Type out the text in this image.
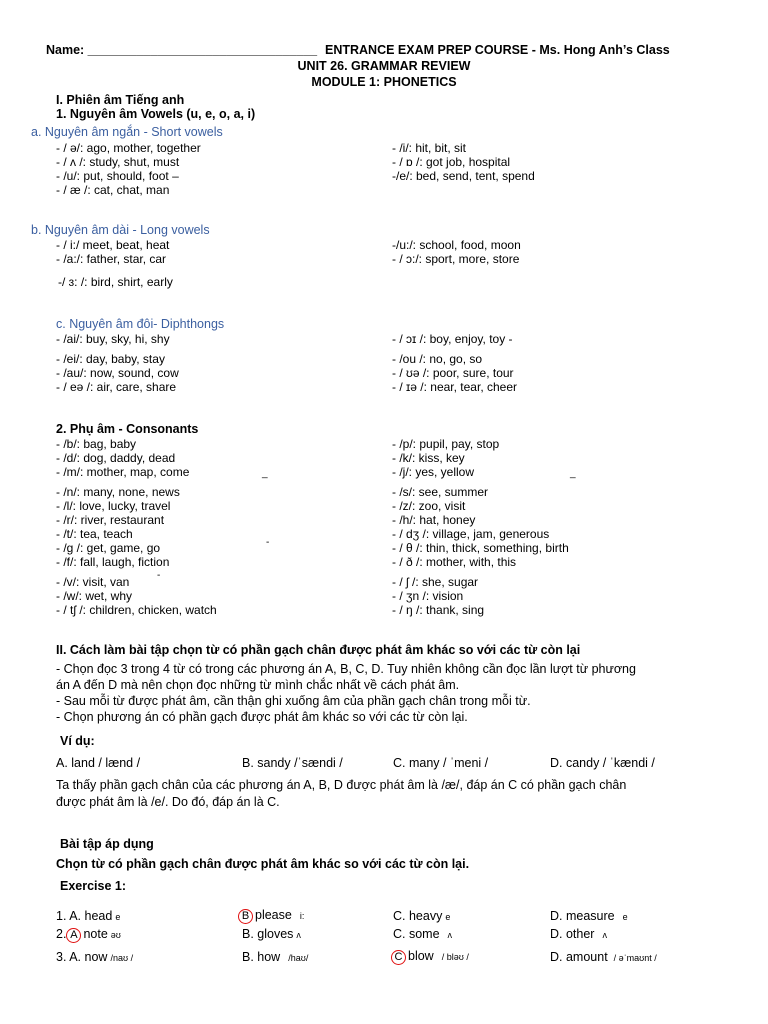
Name: _________________________________ ENTRANCE EXAM PREP COURSE - Ms. Hong Anh’s Class
UNIT 26. GRAMMAR REVIEW
MODULE 1: PHONETICS
I. Phiên âm Tiếng anh
1. Nguyên âm Vowels (u, e, o, a, i)
a. Nguyên âm ngắn - Short vowels
- / ə/: ago, mother, together
- / ʌ /: study, shut, must
- /u/: put, should, foot –
- / æ /: cat, chat, man
- /i/: hit, bit, sit
- / ɒ /: got job, hospital
-/e/: bed, send, tent, spend
b. Nguyên âm dài - Long vowels
- / i:/ meet, beat, heat
- /a:/: father, star, car
-/ ɜ: /: bird, shirt, early
-/u:/: school, food, moon
- / ɔ:/: sport, more, store
c. Nguyên âm đôi- Diphthongs
- /ai/: buy, sky, hi, shy	- / ɔɪ /: boy, enjoy, toy -
- /ei/: day, baby, stay
- /au/: now, sound, cow
- / eə /: air, care, share
- /ou /: no, go, so
- / ʊə /: poor, sure, tour
- / ɪə /: near, tear, cheer
2. Phụ âm - Consonants
- /b/: bag, baby
- /d/: dog, daddy, dead
- /m/: mother, map, come
- /n/: many, none, news
- /l/: love, lucky, travel
- /r/: river, restaurant
- /t/: tea, teach
- /g /: get, game, go
- /f/: fall, laugh, fiction
- /v/: visit, van
- /w/: wet, why
- / tʃ /: children, chicken, watch
- /p/: pupil, pay, stop
- /k/: kiss, key
- /j/: yes, yellow
- /s/: see, summer
- /z/: zoo, visit
- /h/: hat, honey
- / dʒ /: village, jam, generous
- / θ /: thin, thick, something, birth
- / ð /: mother, with, this
- / ʃ /: she, sugar
- / ʒn /: vision
- / ŋ /: thank, sing
_	_
-
-
II. Cách làm bài tập chọn từ có phần gạch chân được phát âm khác so với các từ còn lại
- Chọn đọc 3 trong 4 từ có trong các phương án A, B, C, D. Tuy nhiên không cần đọc lần lượt từ phương
án A đến D mà nên chọn đọc những từ mình chắc nhất về cách phát âm.
- Sau mỗi từ được phát âm, cần thận ghi xuống âm của phần gạch chân trong mỗi từ.
- Chọn phương án có phần gạch được phát âm khác so với các từ còn lại.
Ví dụ:
A. land / lænd /	B. sandy /ˈsændi /	C. many / ˈmeni /	D. candy / ˈkændi /
Ta thấy phần gạch chân của các phương án A, B, D được phát âm là /æ/, đáp án C có phần gạch chân
được phát âm là /e/. Do đó, đáp án là C.
Bài tập áp dụng
Chọn từ có phần gạch chân được phát âm khác so với các từ còn lại.
Exercise 1:
1. A. head e	B please i:	C. heavy e	D. measure e
2. A note əʊ	B. gloves ʌ	C. some ʌ	D. other ʌ
3. A. now /naʊ /	B. how /haʊ/	C blow / bləʊ /	D. amount / əˈmaʊnt /
